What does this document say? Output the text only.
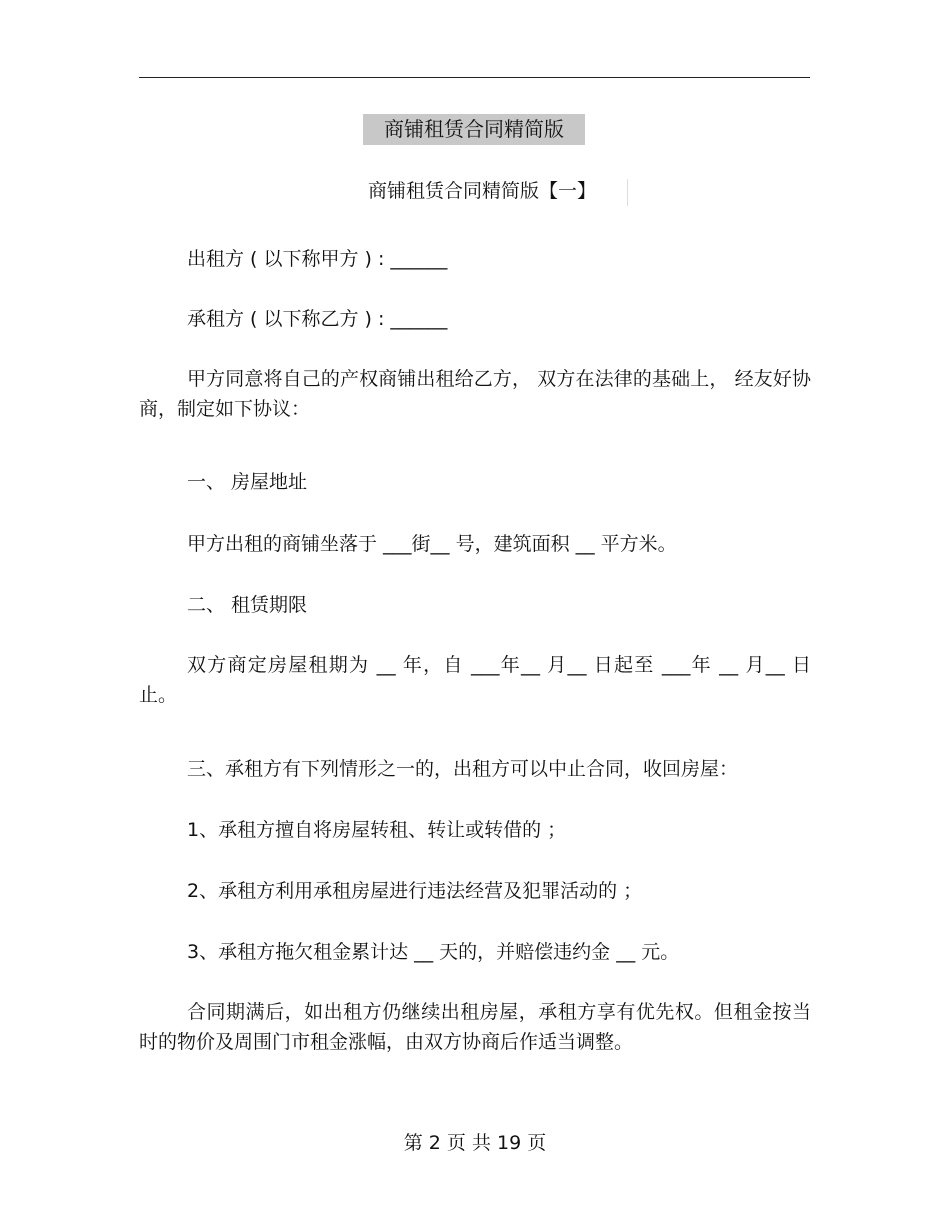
商铺租赁合同精简版
商铺租赁合同精简版【一】
出租方 ( 以下称甲方 ) : ______
承租方 ( 以下称乙方 ) : ______
甲方同意将自己的产权商铺出租给乙方， 双方在法律的基础上， 经友好协商，制定如下协议：
一、 房屋地址
甲方出租的商铺坐落于 ___街__ 号，建筑面积 __ 平方米。
二、 租赁期限
双方商定房屋租期为 __ 年，自 ___年__ 月__ 日起至 ___年 __ 月__ 日止。
三、承租方有下列情形之一的，出租方可以中止合同，收回房屋：
1、承租方擅自将房屋转租、转让或转借的 ；
2、承租方利用承租房屋进行违法经营及犯罪活动的 ；
3、承租方拖欠租金累计达 __ 天的，并赔偿违约金 __ 元。
合同期满后，如出租方仍继续出租房屋，承租方享有优先权。但租金按当时的物价及周围门市租金涨幅，由双方协商后作适当调整。
第 2 页 共 19 页
